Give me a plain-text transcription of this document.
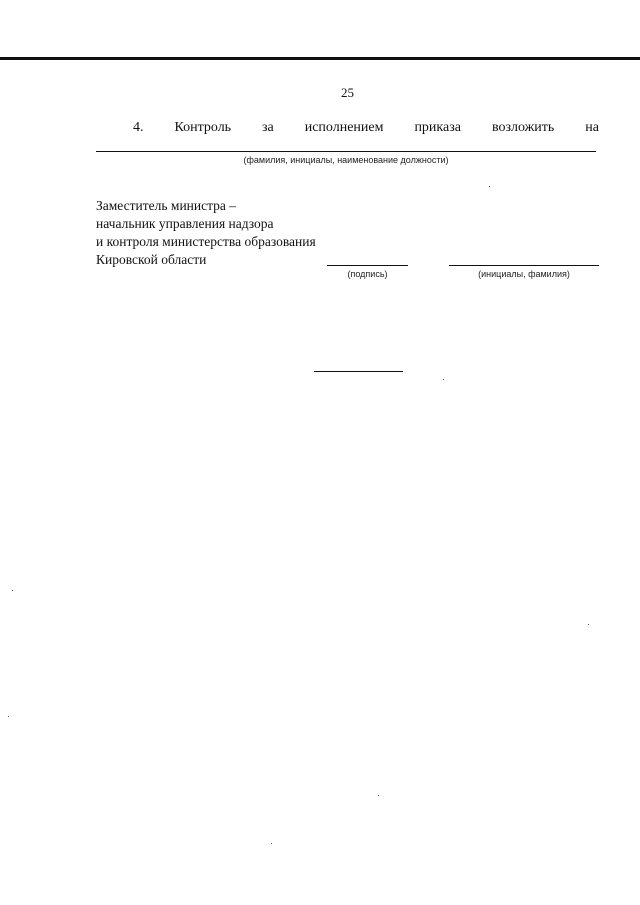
25
4. Контроль за исполнением приказа возложить на
(фамилия, инициалы, наименование должности)
Заместитель министра –
начальник управления надзора
и контроля министерства образования
Кировской области
(подпись)	(инициалы, фамилия)
